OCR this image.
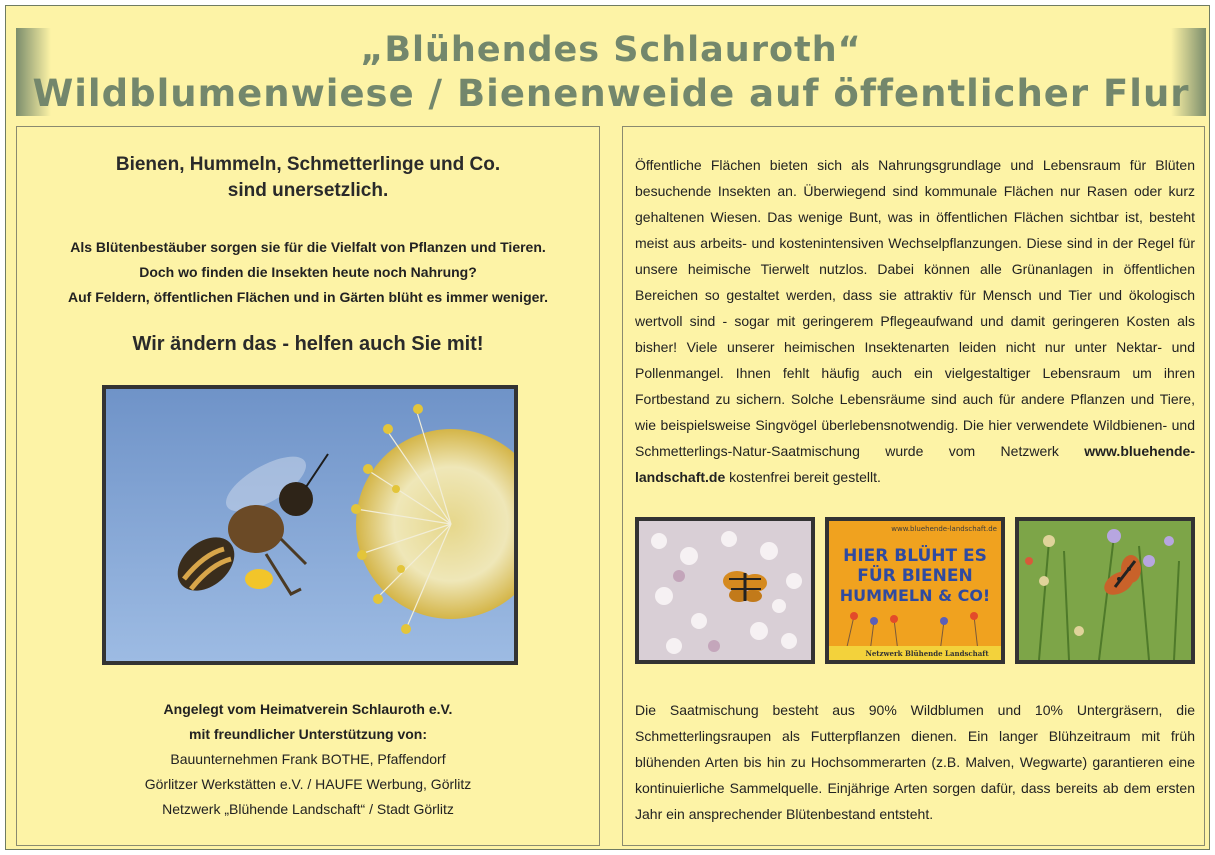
„Blühendes Schlauroth“
Wildblumenwiese / Bienenweide auf öffentlicher Flur
Bienen, Hummeln, Schmetterlinge und Co.
sind unersetzlich.
Als Blütenbestäuber sorgen sie für die Vielfalt von Pflanzen und Tieren.
Doch wo finden die Insekten heute noch Nahrung?
Auf Feldern, öffentlichen Flächen und in Gärten blüht es immer weniger.
Wir ändern das - helfen auch Sie mit!
Angelegt vom Heimatverein Schlauroth e.V.
mit freundlicher Unterstützung von:
Bauunternehmen Frank BOTHE, Pfaffendorf
Görlitzer Werkstätten e.V. / HAUFE Werbung, Görlitz
Netzwerk „Blühende Landschaft“ / Stadt Görlitz
Öffentliche Flächen bieten sich als Nahrungsgrundlage und Lebensraum für Blüten besuchende Insekten an. Überwiegend sind kommunale Flächen nur Rasen oder kurz gehaltenen Wiesen. Das wenige Bunt, was in öffentlichen Flächen sichtbar ist, besteht meist aus arbeits- und kostenintensiven Wechselpflanzungen. Diese sind in der Regel für unsere heimische Tierwelt nutzlos. Dabei können alle Grünanlagen in öffentlichen Bereichen so gestaltet werden, dass sie attraktiv für Mensch und Tier und ökologisch wertvoll sind - sogar mit geringerem Pflegeaufwand und damit geringeren Kosten als bisher! Viele unserer heimischen Insektenarten leiden nicht nur unter Nektar- und Pollenmangel. Ihnen fehlt häufig auch ein vielgestaltiger Lebensraum um ihren Fortbestand zu sichern. Solche Lebensräume sind auch für andere Pflanzen und Tiere, wie beispielsweise Singvögel überlebensnotwendig. Die hier verwendete Wildbienen- und Schmetterlings-Natur-Saatmischung wurde vom Netzwerk www.bluehende-landschaft.de kostenfrei bereit gestellt.
www.bluehende-landschaft.de
HIER BLÜHT ES
FÜR BIENEN
HUMMELN & CO!
Netzwerk Blühende Landschaft
Die Saatmischung besteht aus 90% Wildblumen und 10% Untergräsern, die Schmetterlingsraupen als Futterpflanzen dienen. Ein langer Blühzeitraum mit früh blühenden Arten bis hin zu Hochsommerarten (z.B. Malven, Wegwarte) garantieren eine kontinuierliche Sammelquelle. Einjährige Arten sorgen dafür, dass bereits ab dem ersten Jahr ein ansprechender Blütenbestand entsteht.
